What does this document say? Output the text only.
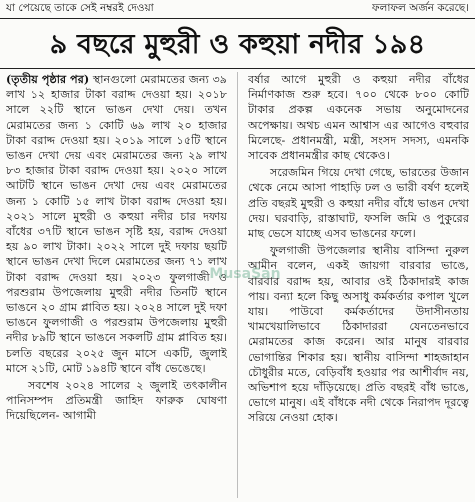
যা পেয়েছে তাকে সেই নম্বরই দেওয়া	ফলাফল অর্জন করেছে।
৯ বছরে মুহুরী ও কহুয়া নদীর ১৯৪

(তৃতীয় পৃষ্ঠার পর) স্থানগুলো মেরামতের জন্য ৩৯ লাখ ১২ হাজার টাকা বরাদ্দ দেওয়া হয়। ২০১৮ সালে ২২টি স্থানে ভাঙন দেখা দেয়। তখন মেরামতের জন্য ১ কোটি ৬৯ লাখ ২০ হাজার টাকা বরাদ্দ দেওয়া হয়। ২০১৯ সালে ১৫টি স্থানে ভাঙন দেখা দেয় এবং মেরামতের জন্য ২৯ লাখ ৮৩ হাজার টাকা বরাদ্দ দেওয়া হয়। ২০২০ সালে আটটি স্থানে ভাঙন দেখা দেয় এবং মেরামতের জন্য ১ কোটি ১৫ লাখ টাকা বরাদ্দ দেওয়া হয়। ২০২১ সালে মুহুরী ও কহুয়া নদীর চার দফায় বাঁধের ৩৭টি স্থানে ভাঙন সৃষ্টি হয়, বরাদ্দ দেওয়া হয় ৯০ লাখ টাকা। ২০২২ সালে দুই দফায় ছয়টি স্থানে ভাঙন দেখা দিলে মেরামতের জন্য ৭১ লাখ টাকা বরাদ্দ দেওয়া হয়। ২০২৩ ফুলগাজী ও পরশুরাম উপজেলায় মুহুরী নদীর তিনটি স্থানে ভাঙনে ২০ গ্রাম প্লাবিত হয়। ২০২৪ সালে দুই দফা ভাঙনে ফুলগাজী ও পরশুরাম উপজেলায় মুহুরী নদীর ৮৯টি স্থানে ভাঙনে সকলটি গ্রাম প্লাবিত হয়। চলতি বছরের ২০২৫ জুন মাসে একটি, জুলাই মাসে ২১টি, মোট ১৯৪টি স্থানে বাঁধ ভেঙেছে।

সবশেষ ২০২৪ সালের ২ জুলাই তৎকালীন পানিসম্পদ প্রতিমন্ত্রী জাহিদ ফারুক ঘোষণা দিয়েছিলেন- আগামী

বর্ষার আগে মুহুরী ও কহুয়া নদীর বাঁধের নির্মাণকাজ শুরু হবে। ৭০০ থেকে ৮০০ কোটি টাকার প্রকল্প একনেক সভায় অনুমোদনের অপেক্ষায়। অথচ এমন আশ্বাস এর আগেও বহুবার মিলেছে- প্রধানমন্ত্রী, মন্ত্রী, সংসদ সদস্য, এমনকি সাবেক প্রধানমন্ত্রীর কাছ থেকেও।

সরেজমিন গিয়ে দেখা গেছে, ভারতের উজান থেকে নেমে আসা পাহাড়ি ঢল ও ভারী বর্ষণ হলেই প্রতি বছরই মুহুরী ও কহুয়া নদীর বাঁধে ভাঙন দেখা দেয়। ঘরবাড়ি, রাস্তাঘাট, ফসলি জমি ও পুকুরের মাছ ভেসে যাচ্ছে এসব ভাঙনের ফলে।

ফুলগাজী উপজেলার স্থানীয় বাসিন্দা নুরুল আমীন বলেন, একই জায়গা বারবার ভাঙে, বারবার বরাদ্দ হয়, আবার ওই ঠিকাদারই কাজ পায়। বন্যা হলে কিছু অসাধু কর্মকর্তার কপাল খুলে যায়। পাউবো কর্মকর্তাদের উদাসীনতায় খামখেয়ালিভাবে ঠিকাদাররা যেনতেনভাবে মেরামতের কাজ করেন। আর মানুষ বারবার ভোগান্তির শিকার হয়। স্থানীয় বাসিন্দা শাহজাহান চৌধুরীর মতে, বেড়িবাঁধ হওয়ার পর আশীর্বাদ নয়, অভিশাপ হয়ে দাঁড়িয়েছে। প্রতি বছরই বাঁধ ভাঙে, ভোগে মানুষ। এই বাঁধকে নদী থেকে নিরাপদ দূরত্বে সরিয়ে নেওয়া হোক।

MusaSan
